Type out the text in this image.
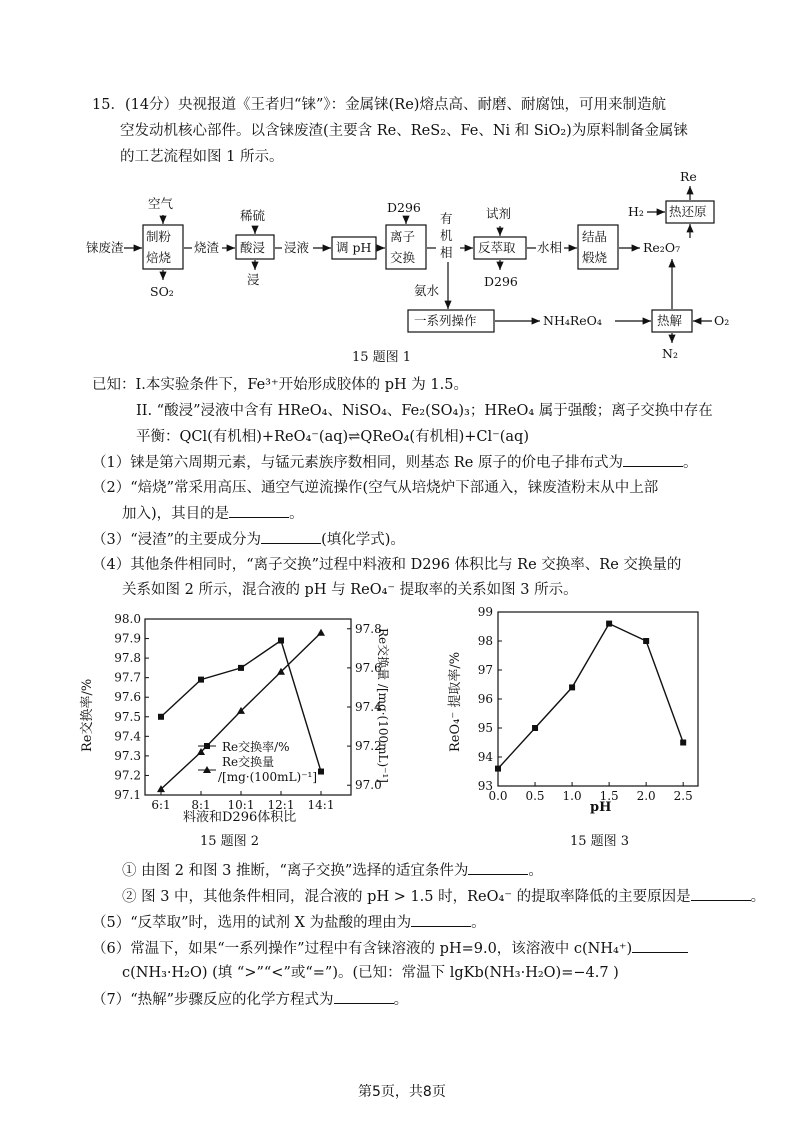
15．(14分）央视报道《王者归“铼”》：金属铼(Re)熔点高、耐磨、耐腐蚀，可用来制造航
空发动机核心部件。以含铼废渣(主要含 Re、ReS₂、Fe、Ni 和 SiO₂)为原料制备金属铼
的工艺流程如图 1 所示。
铼废渣
空气
制粉
焙烧
SO₂
烧渣
稀硫
酸浸
浸
浸液 调 pH
D296
离子
交换
有
机
相
试剂
反萃取
D296
水相
结晶
煅烧
Re₂O₇
H₂ 热还原
Re
氨水
一系列操作	NH₄ReO₄	热解	O₂
N₂
15 题图 1
已知：I.本实验条件下，Fe³⁺开始形成胶体的 pH 为 1.5。
II. “酸浸”浸液中含有 HReO₄、NiSO₄、Fe₂(SO₄)₃；HReO₄ 属于强酸；离子交换中存在
平衡：QCl(有机相)+ReO₄⁻(aq)⇌QReO₄(有机相)+Cl⁻(aq)
（1）铼是第六周期元素，与锰元素族序数相同，则基态 Re 原子的价电子排布式为	。
（2）“焙烧”常采用高压、通空气逆流操作(空气从培烧炉下部通入，铼废渣粉末从中上部
加入)，其目的是	。
（3）“浸渣”的主要成分为	(填化学式)。
（4）其他条件相同时，“离子交换”过程中料液和 D296 体积比与 Re 交换率、Re 交换量的
关系如图 2 所示，混合液的 pH 与 ReO₄⁻ 提取率的关系如图 3 所示。
98.0
97.9
97.8
97.7
97.6
97.5
97.4
97.3
97.2
97.1
97.8
97.6
97.4
97.2
97.0
6:1 8:1 10:1 12:1 14:1
Re交换率/%	Re交换量 /[mg·(100mL)⁻¹]
料液和D296体积比
Re交换率/%
Re交换量
/[mg·(100mL)⁻¹]
15 题图 2
99
98
97
96
95
94
93
0.0 0.5 1.0 1.5 2.0 2.5
ReO₄⁻ 提取率/%
pH
15 题图 3
① 由图 2 和图 3 推断，“离子交换”选择的适宜条件为	。
② 图 3 中，其他条件相同，混合液的 pH > 1.5 时，ReO₄⁻ 的提取率降低的主要原因是	。
（5）“反萃取”时，选用的试剂 X 为盐酸的理由为	。
（6）常温下，如果“一系列操作”过程中有含铼溶液的 pH=9.0，该溶液中 c(NH₄⁺)
c(NH₃·H₂O) (填 “>”“<”或“=”)。(已知：常温下 lgKb(NH₃·H₂O)=−4.7 )
（7）“热解”步骤反应的化学方程式为	。
第5页，共8页
